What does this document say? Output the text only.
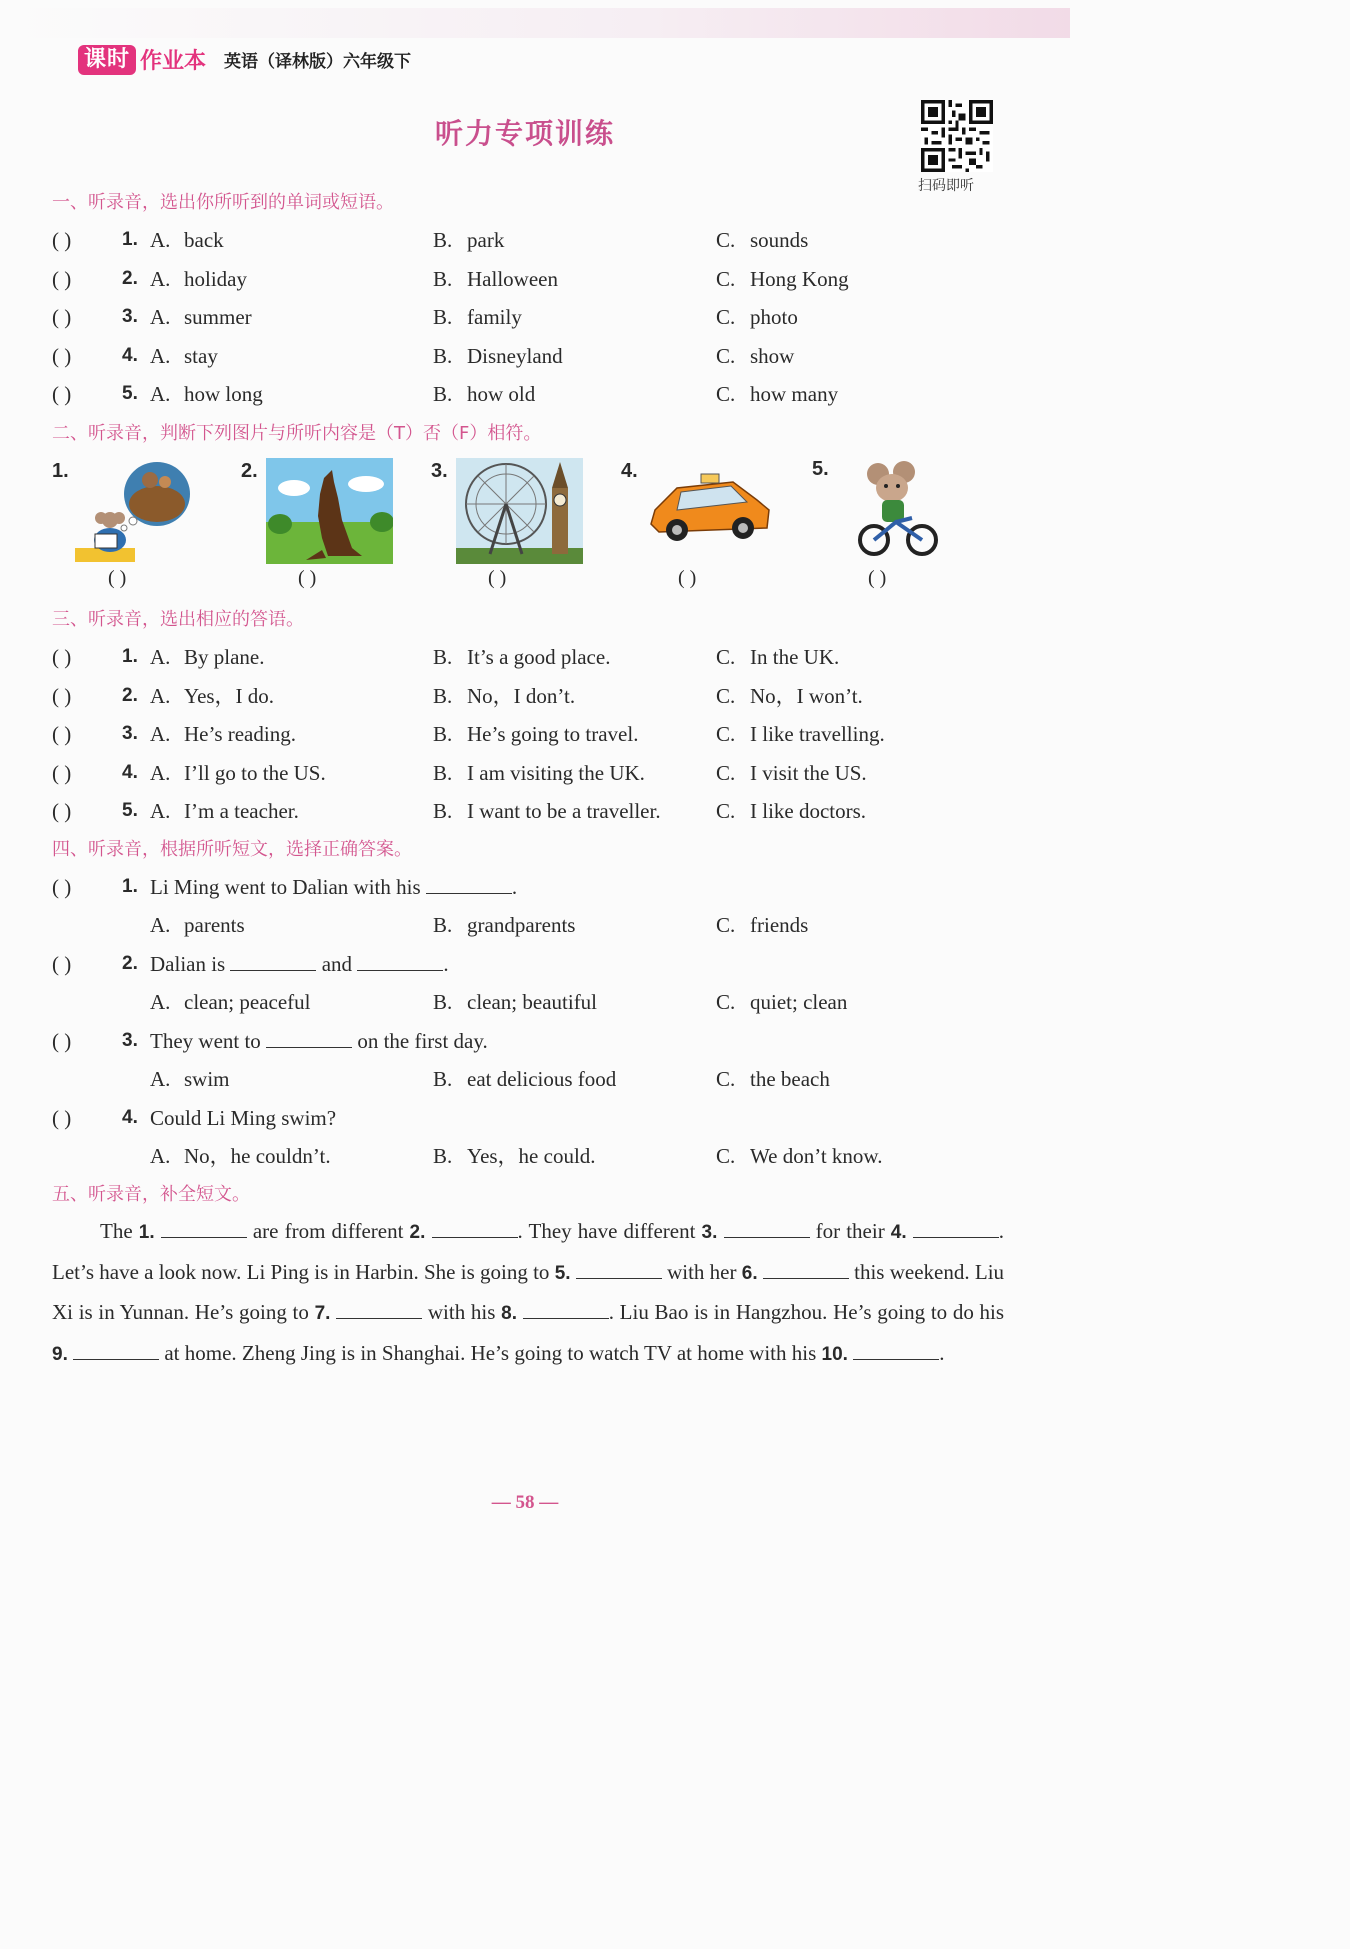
课时 作业本 英语（译林版）六年级下
听力专项训练
扫码即听
一、听录音，选出你所听到的单词或短语。
( )	1. A. back	B. park	C. sounds
( )	2. A. holiday	B. Halloween	C. Hong Kong
( )	3. A. summer	B. family	C. photo
( )	4. A. stay	B. Disneyland	C. show
( )	5. A. how long	B. how old	C. how many
二、听录音，判断下列图片与所听内容是（T）否（F）相符。
1.
( )
2.
( )
3.
( )
4.
( )
5.
( )
三、听录音，选出相应的答语。
( )	1. A. By plane.	B. It’s a good place.	C. In the UK.
( )	2. A. Yes，I do.	B. No，I don’t.	C. No，I won’t.
( )	3. A. He’s reading.	B. He’s going to travel.	C. I like travelling.
( )	4. A. I’ll go to the US.	B. I am visiting the UK.	C. I visit the US.
( )	5. A. I’m a teacher.	B. I want to be a traveller.	C. I like doctors.
四、听录音，根据所听短文，选择正确答案。
( )	1. Li Ming went to Dalian with his	.
A. parents	B. grandparents	C. friends
( )	2. Dalian is	and	.
A. clean; peaceful	B. clean; beautiful	C. quiet; clean
( )	3. They went to	on the first day.
A. swim	B. eat delicious food	C. the beach
( )	4. Could Li Ming swim?
A. No，he couldn’t.	B. Yes，he could.	C. We don’t know.
五、听录音，补全短文。
The 1.	are from different 2.	. They have different 3.	for their 4.	. Let’s have a look now. Li Ping is in Harbin. She is going to 5.	with her 6.	this weekend. Liu Xi is in Yunnan. He’s going to 7.	with his 8.	. Liu Bao is in Hangzhou. He’s going to do his 9.	at home. Zheng Jing is in Shanghai. He’s going to watch TV at home with his 10.	.
— 58 —
